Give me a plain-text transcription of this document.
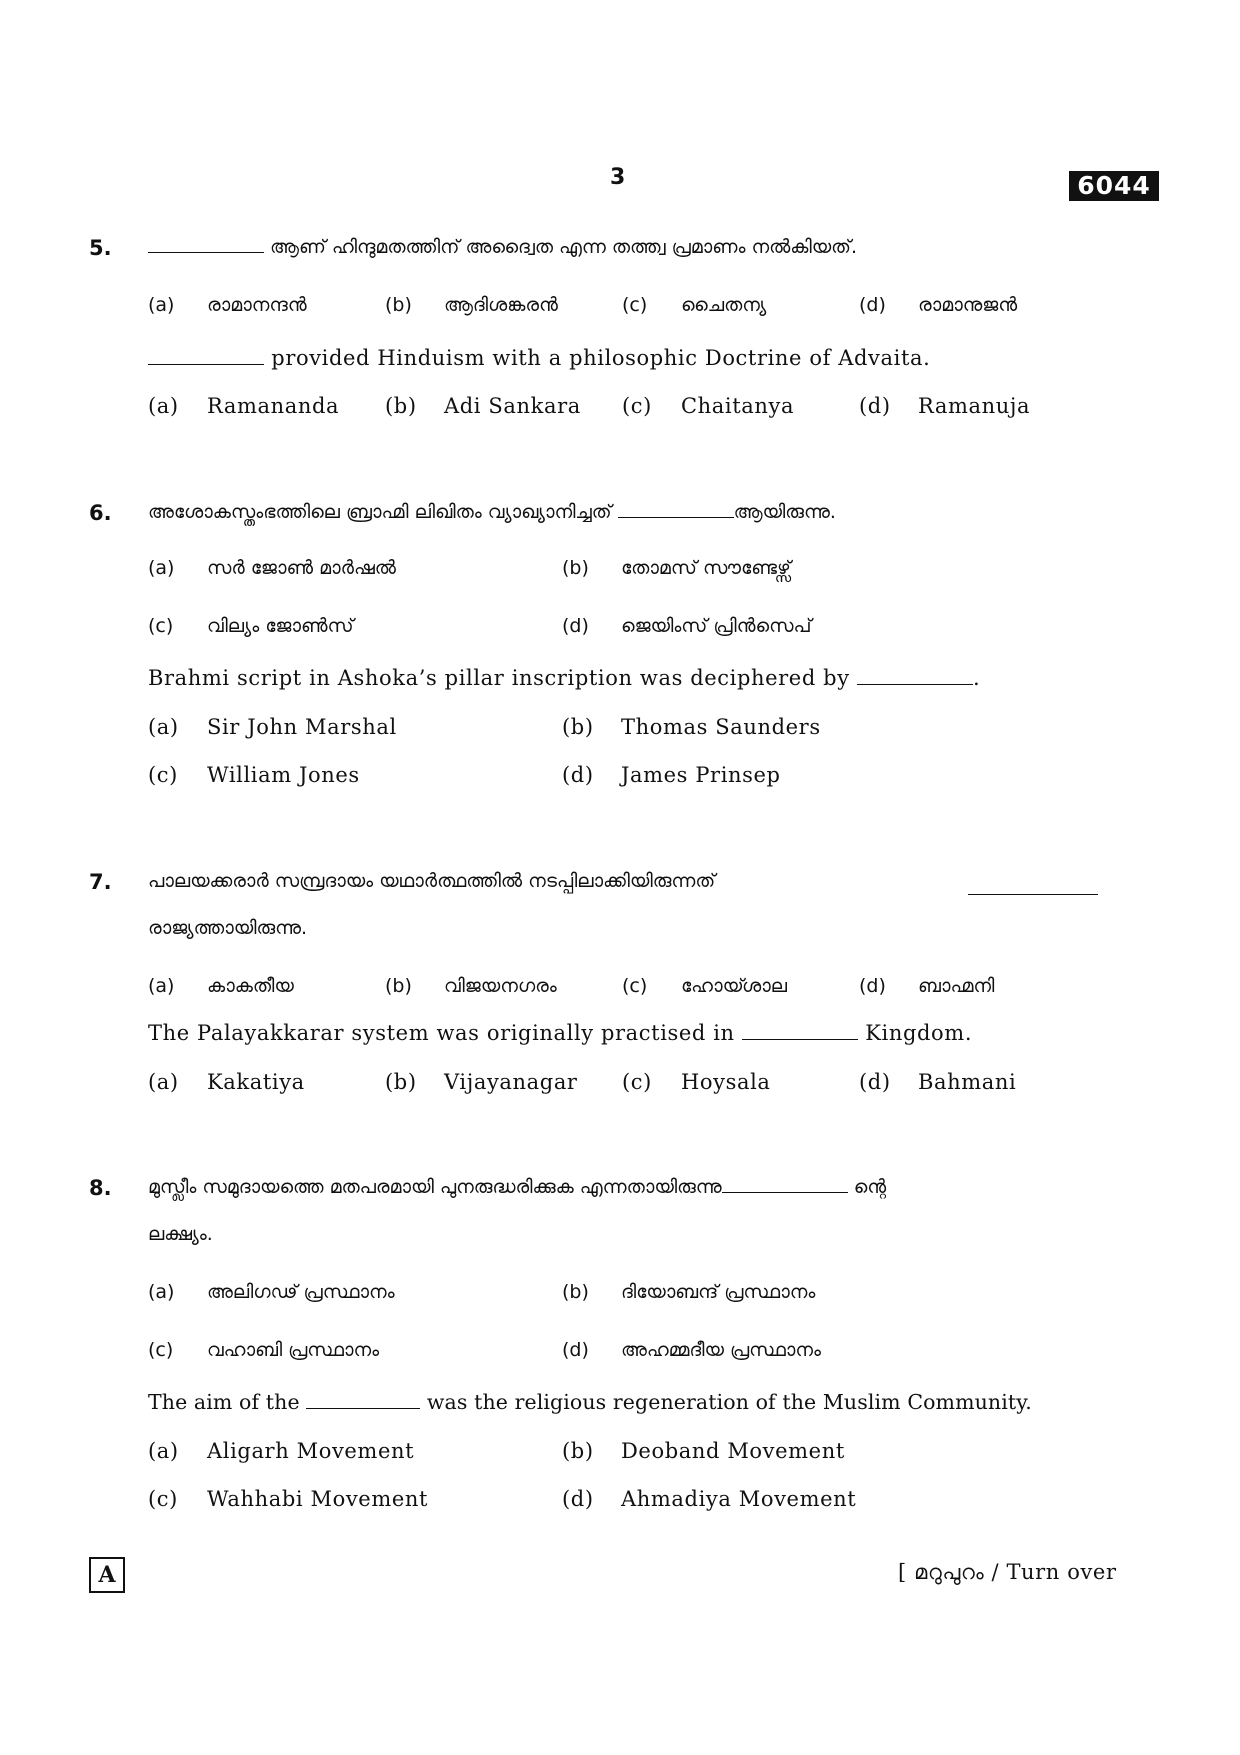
3	6044
5.	ആണ് ഹിന്ദുമതത്തിന് അദ്വൈത എന്ന തത്ത്വ പ്രമാണം നൽകിയത്.
(a) രാമാനന്ദൻ	(b) ആദിശങ്കരൻ	(c) ചൈതന്യ	(d) രാമാനുജൻ
provided Hinduism with a philosophic Doctrine of Advaita.
(a) Ramananda (b) Adi Sankara (c) Chaitanya	(d) Ramanuja
6. അശോകസ്തംഭത്തിലെ ബ്രാഹ്മി ലിഖിതം വ്യാഖ്യാനിച്ചത്	ആയിരുന്നു.
(a) സർ ജോൺ മാർഷൽ	(b) തോമസ് സൗണ്ടേഴ്സ്
(c) വില്യം ജോൺസ്	(d) ജെയിംസ് പ്രിൻസെപ്
Brahmi script in Ashoka’s pillar inscription was deciphered by	.
(a) Sir John Marshal	(b) Thomas Saunders
(c) William Jones	(d) James Prinsep
7. പാലയക്കരാർ സമ്പ്രദായം യഥാർത്ഥത്തിൽ നടപ്പിലാക്കിയിരുന്നത്
രാജ്യത്തായിരുന്നു.
(a) കാകതീയ	(b) വിജയനഗരം	(c) ഹോയ്ശാല	(d) ബാഹ്മനി
The Palayakkarar system was originally practised in	Kingdom.
(a) Kakatiya	(b) Vijayanagar (c) Hoysala	(d) Bahmani
8. മുസ്ലീം സമുദായത്തെ മതപരമായി പുനരുദ്ധരിക്കുക എന്നതായിരുന്നു	ന്റെ
ലക്ഷ്യം.
(a) അലിഗഢ് പ്രസ്ഥാനം	(b) ദിയോബന്ദ് പ്രസ്ഥാനം
(c) വഹാബി പ്രസ്ഥാനം	(d) അഹമ്മദീയ പ്രസ്ഥാനം
The aim of the	was the religious regeneration of the Muslim Community.
(a) Aligarh Movement	(b) Deoband Movement
(c) Wahhabi Movement	(d) Ahmadiya Movement
A	[ മറുപുറം / Turn over
